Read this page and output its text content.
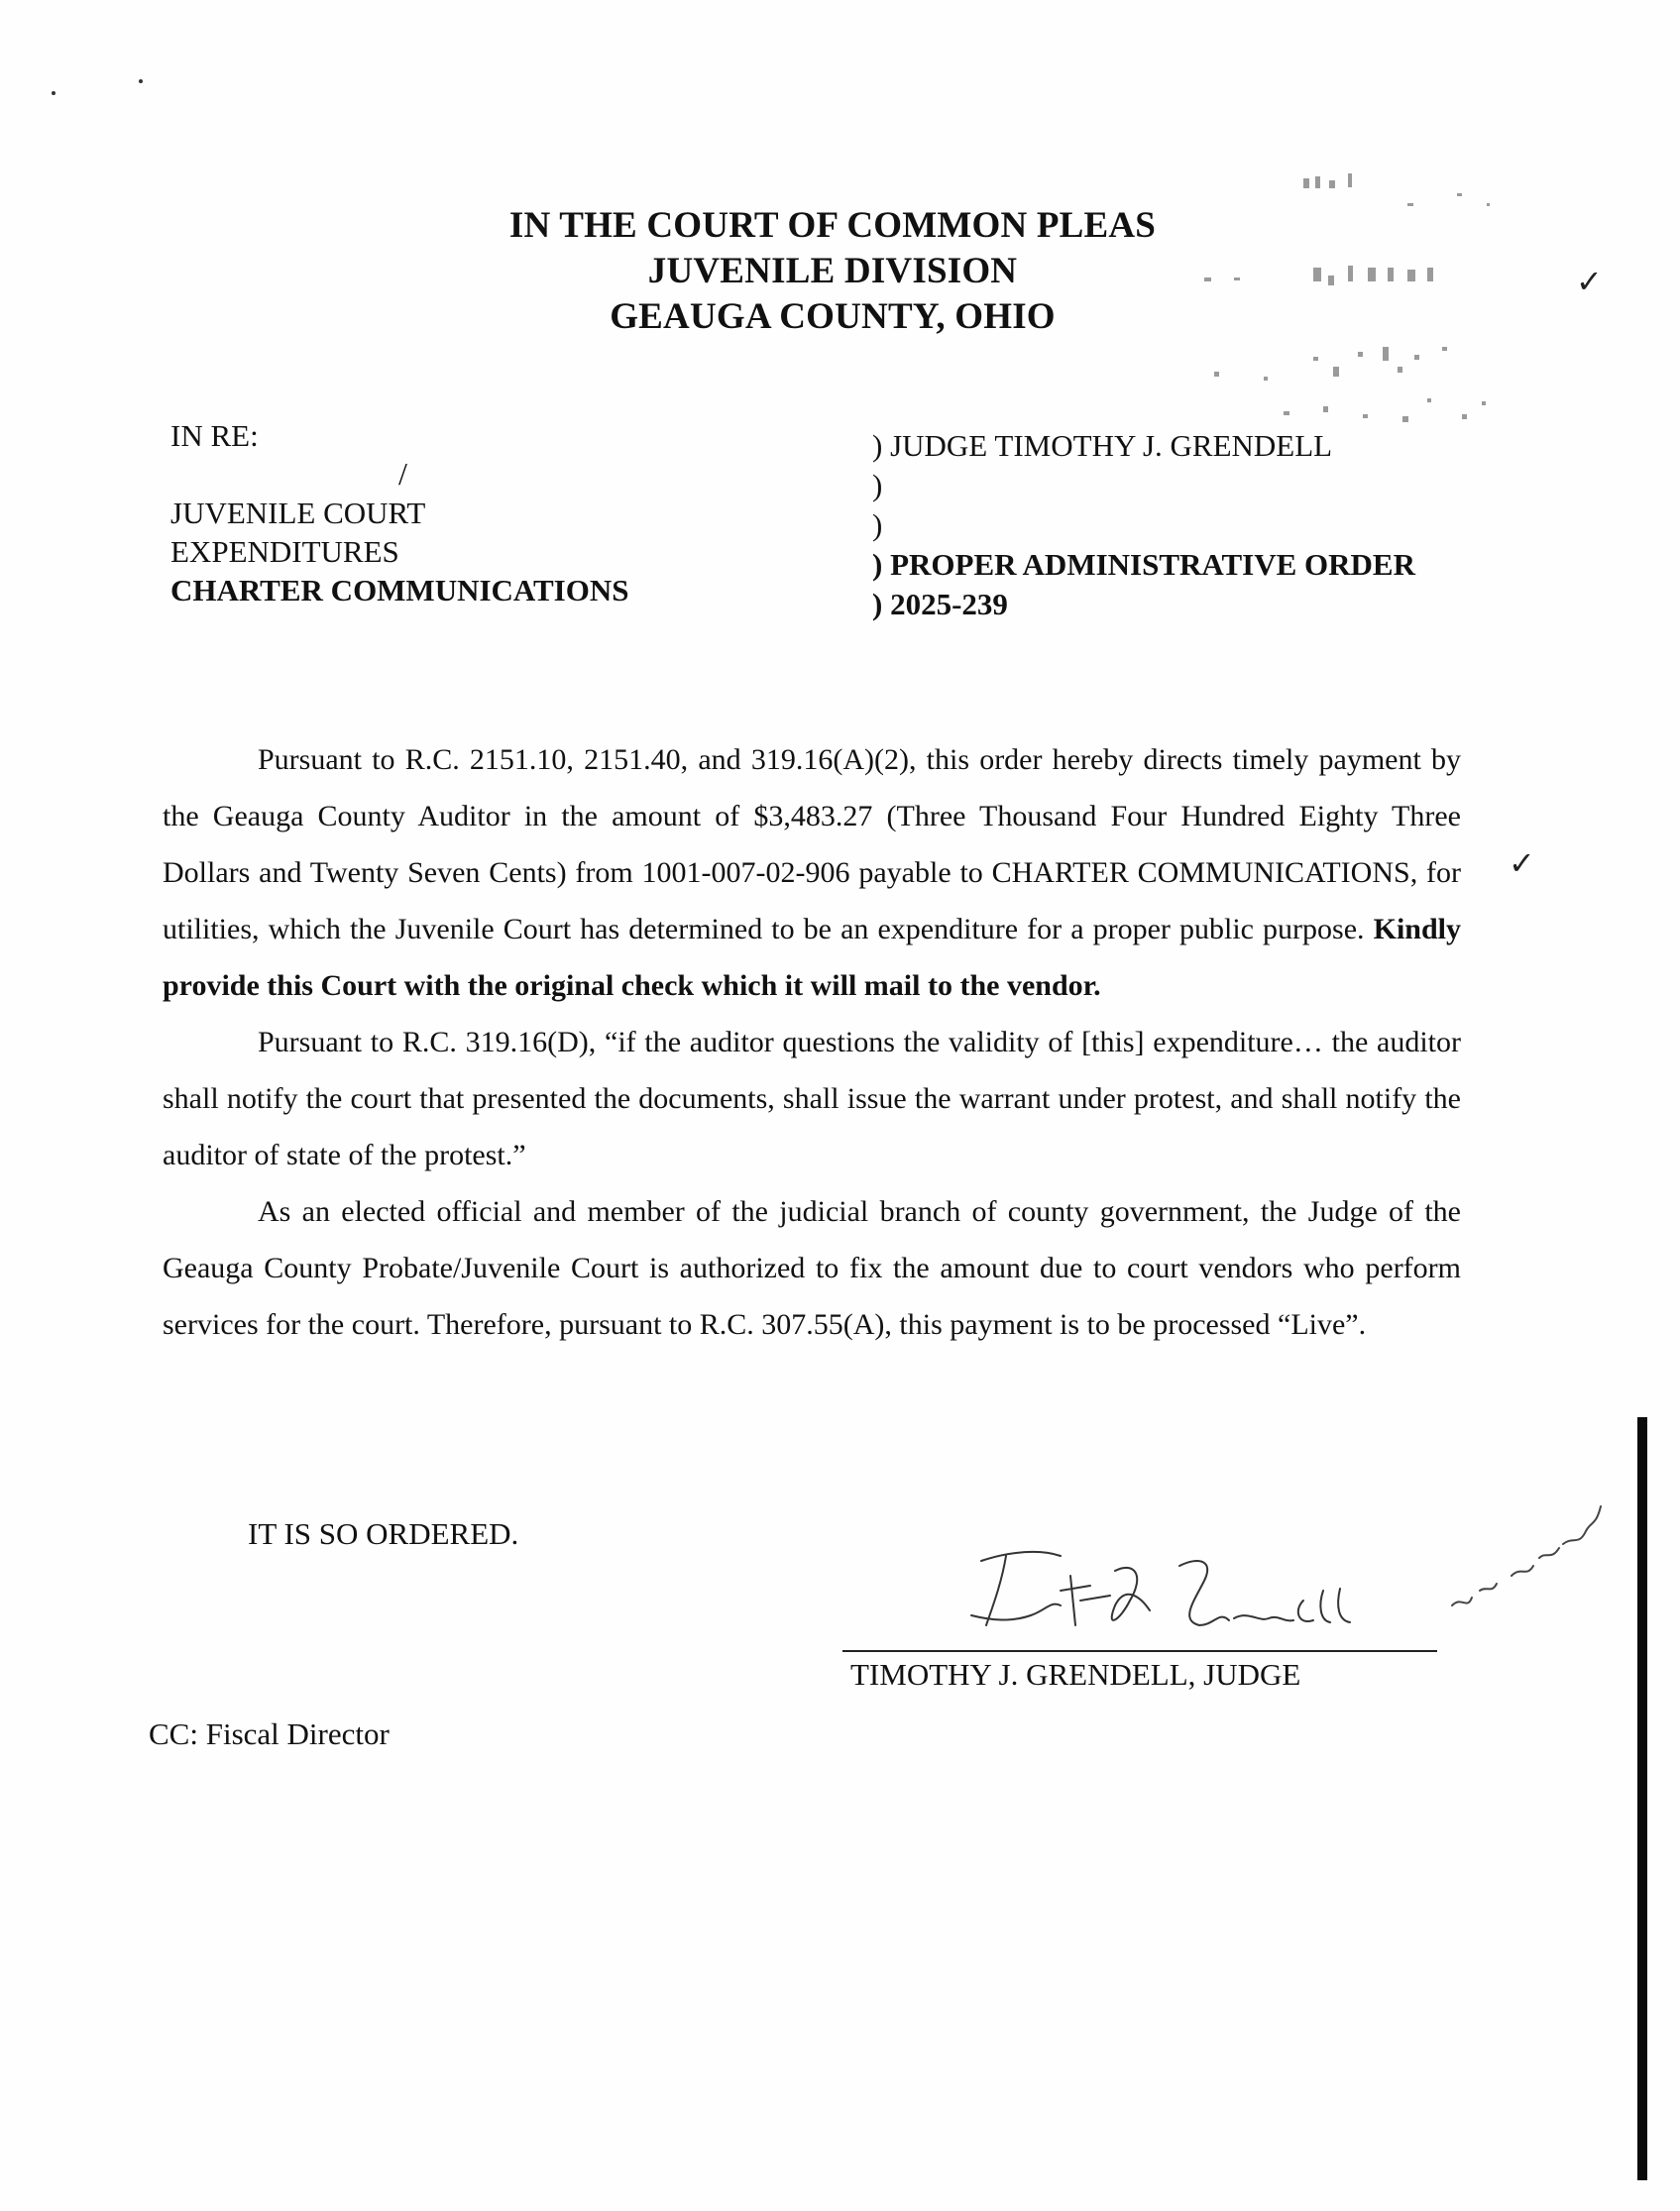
✓
✓
IN THE COURT OF COMMON PLEAS
JUVENILE DIVISION
GEAUGA COUNTY, OHIO
IN RE:
/
JUVENILE COURT
EXPENDITURES
CHARTER COMMUNICATIONS
) JUDGE TIMOTHY J. GRENDELL
)
)
) PROPER ADMINISTRATIVE ORDER
) 2025-239

Pursuant to R.C. 2151.10, 2151.40, and 319.16(A)(2), this order hereby directs timely payment by the Geauga County Auditor in the amount of $3,483.27 (Three Thousand Four Hundred Eighty Three Dollars and Twenty Seven Cents) from 1001-007-02-906 payable to CHARTER COMMUNICATIONS, for utilities, which the Juvenile Court has determined to be an expenditure for a proper public purpose. Kindly provide this Court with the original check which it will mail to the vendor.

Pursuant to R.C. 319.16(D), “if the auditor questions the validity of [this] expenditure… the auditor shall notify the court that presented the documents, shall issue the warrant under protest, and shall notify the auditor of state of the protest.”

As an elected official and member of the judicial branch of county government, the Judge of the Geauga County Probate/Juvenile Court is authorized to fix the amount due to court vendors who perform services for the court. Therefore, pursuant to R.C. 307.55(A), this payment is to be processed “Live”.

IT IS SO ORDERED.
TIMOTHY J. GRENDELL, JUDGE
CC: Fiscal Director
